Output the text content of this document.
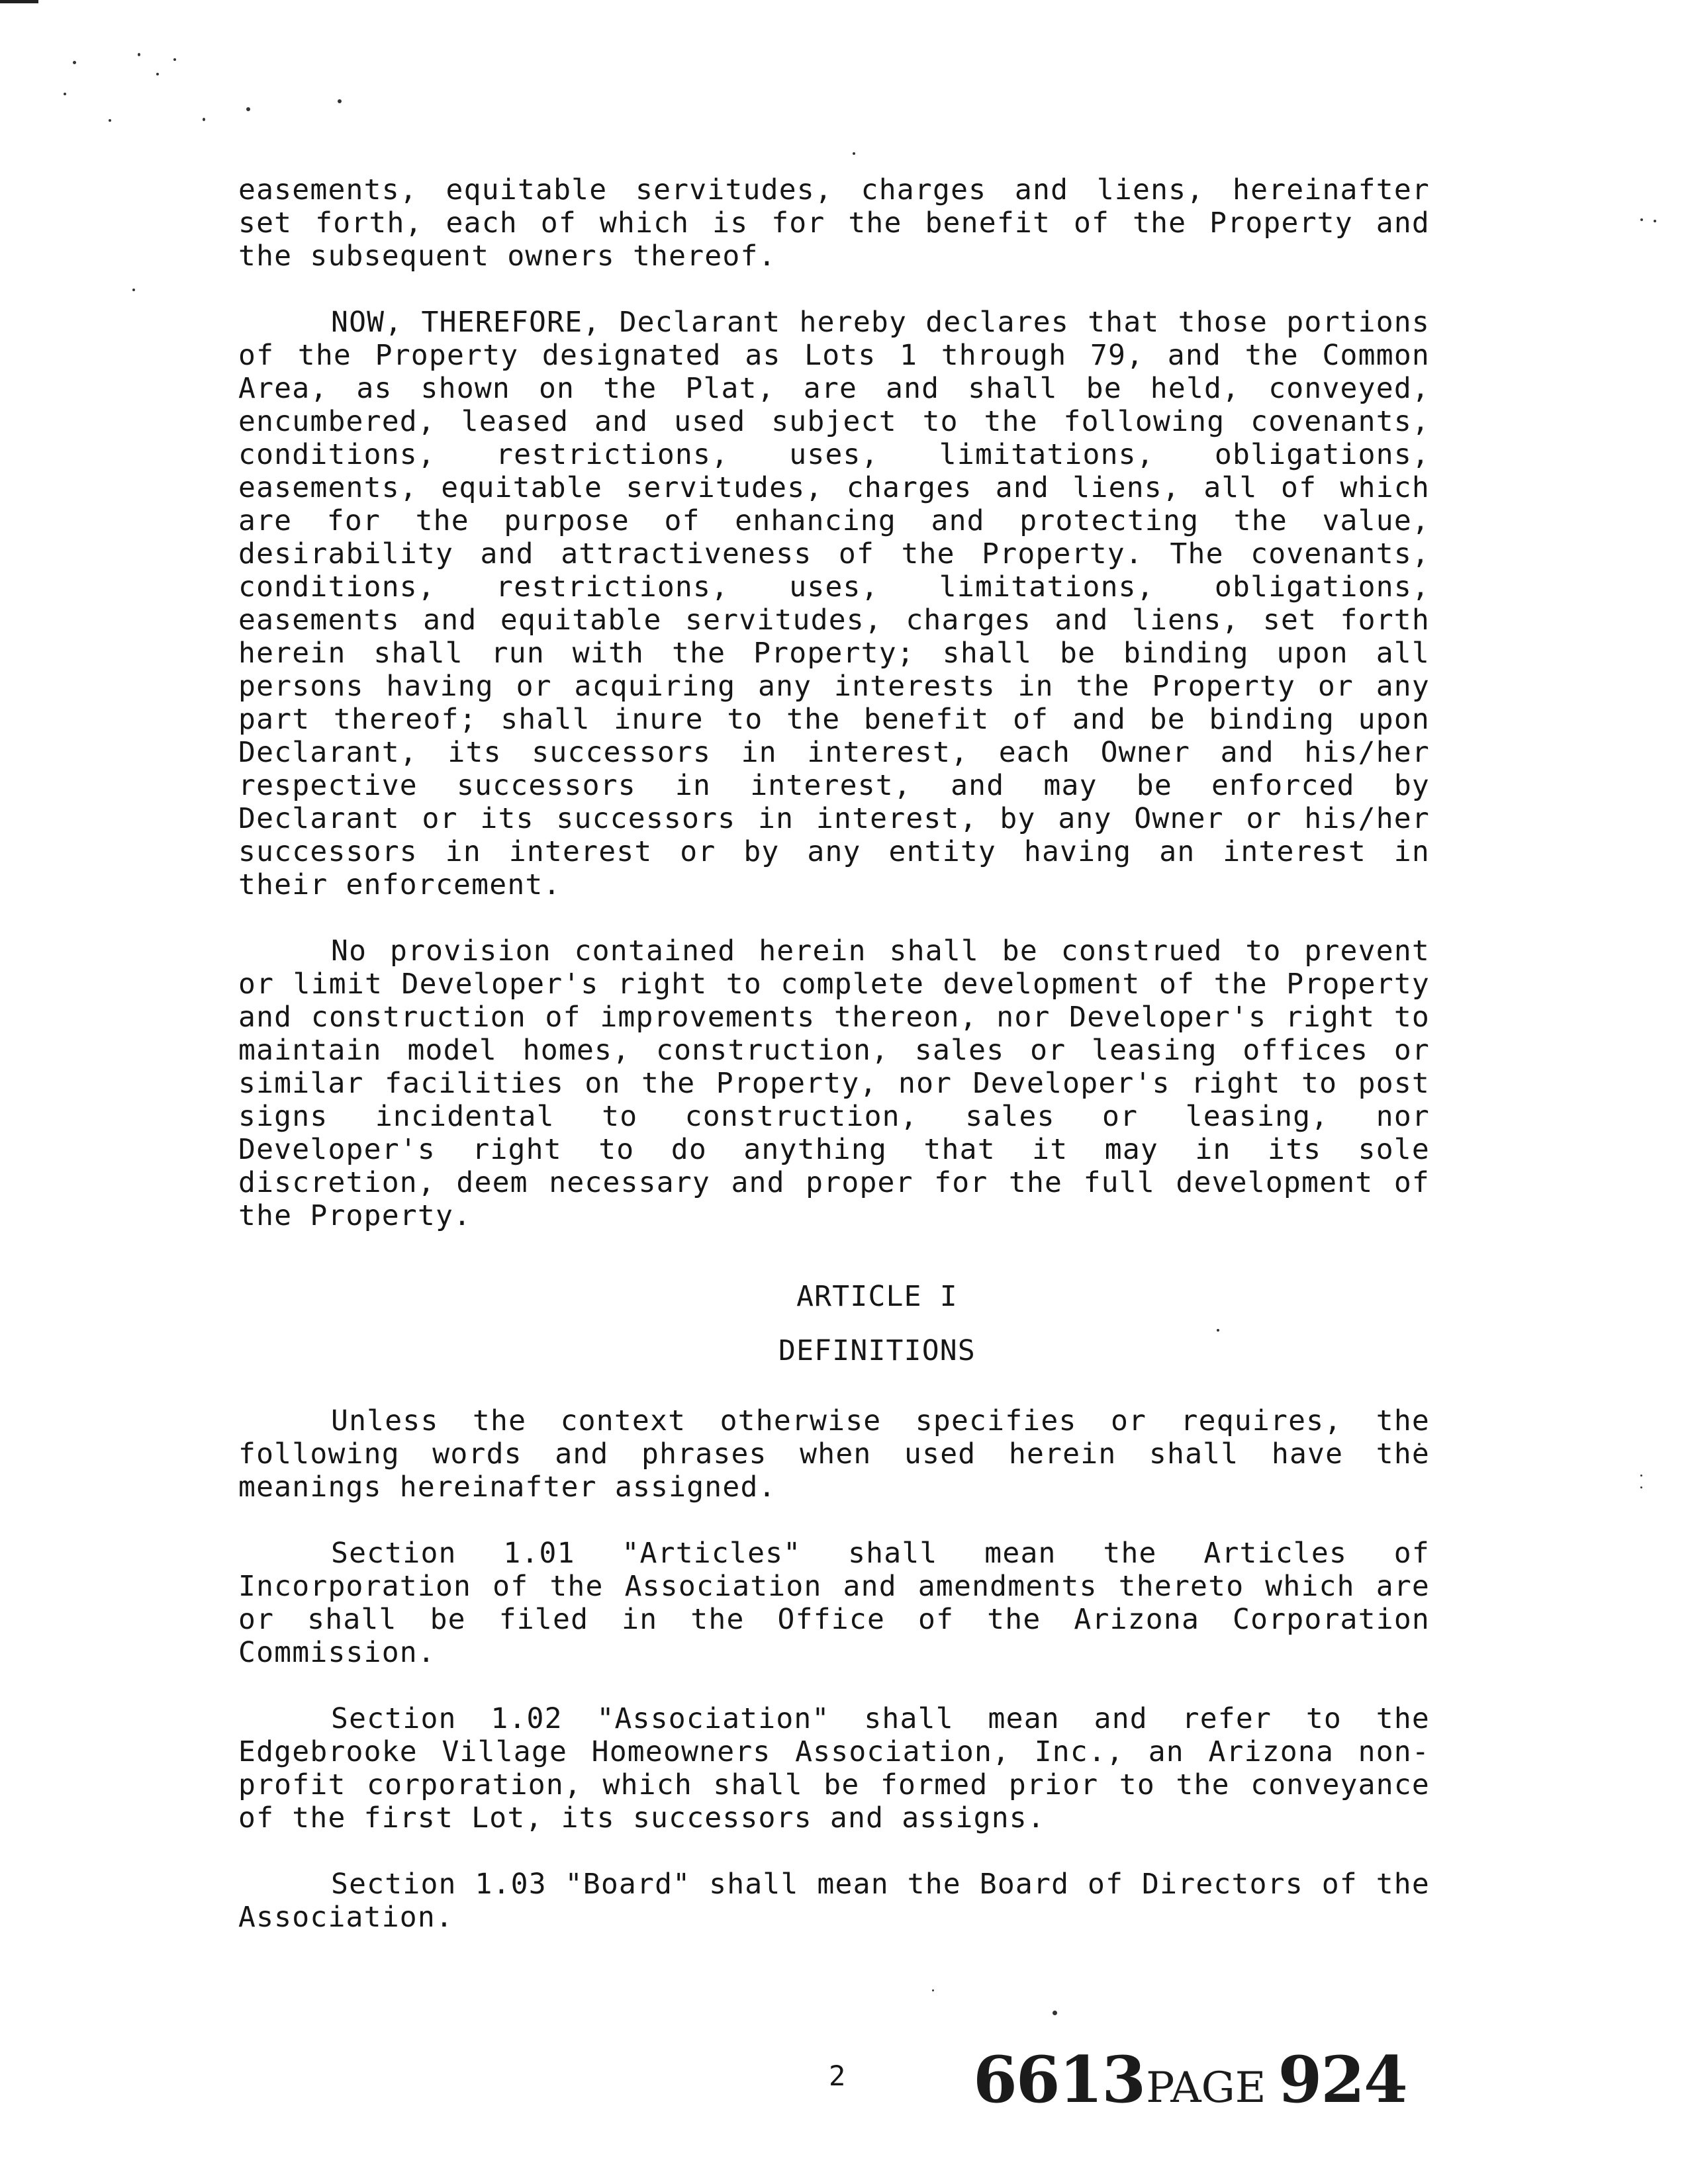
easements, equitable servitudes, charges and liens, hereinafter set forth, each of which is for the benefit of the Property and the subsequent owners thereof.

NOW, THEREFORE, Declarant hereby declares that those portions of the Property designated as Lots 1 through 79, and the Common Area, as shown on the Plat, are and shall be held, conveyed, encumbered, leased and used subject to the following covenants, conditions, restrictions, uses, limitations, obligations, easements, equitable servitudes, charges and liens, all of which are for the purpose of enhancing and protecting the value, desirability and attractiveness of the Property. The covenants, conditions, restrictions, uses, limitations, obligations, easements and equitable servitudes, charges and liens, set forth herein shall run with the Property; shall be binding upon all persons having or acquiring any interests in the Property or any part thereof; shall inure to the benefit of and be binding upon Declarant, its successors in interest, each Owner and his/her respective successors in interest, and may be enforced by Declarant or its successors in interest, by any Owner or his/her successors in interest or by any entity having an interest in their enforcement.

No provision contained herein shall be construed to prevent or limit Developer's right to complete development of the Property and construction of improvements thereon, nor Developer's right to maintain model homes, construction, sales or leasing offices or similar facilities on the Property, nor Developer's right to post signs incidental to construction, sales or leasing, nor Developer's right to do anything that it may in its sole discretion, deem necessary and proper for the full development of the Property.

ARTICLE I
DEFINITIONS

Unless the context otherwise specifies or requires, the following words and phrases when used herein shall have the meanings hereinafter assigned.

Section 1.01 "Articles" shall mean the Articles of Incorporation of the Association and amendments thereto which are or shall be filed in the Office of the Arizona Corporation Commission.

Section 1.02 "Association" shall mean and refer to the Edgebrooke Village Homeowners Association, Inc., an Arizona non-profit corporation, which shall be formed prior to the conveyance of the first Lot, its successors and assigns.

Section 1.03 "Board" shall mean the Board of Directors of the Association.

2 6613PAGE 924
